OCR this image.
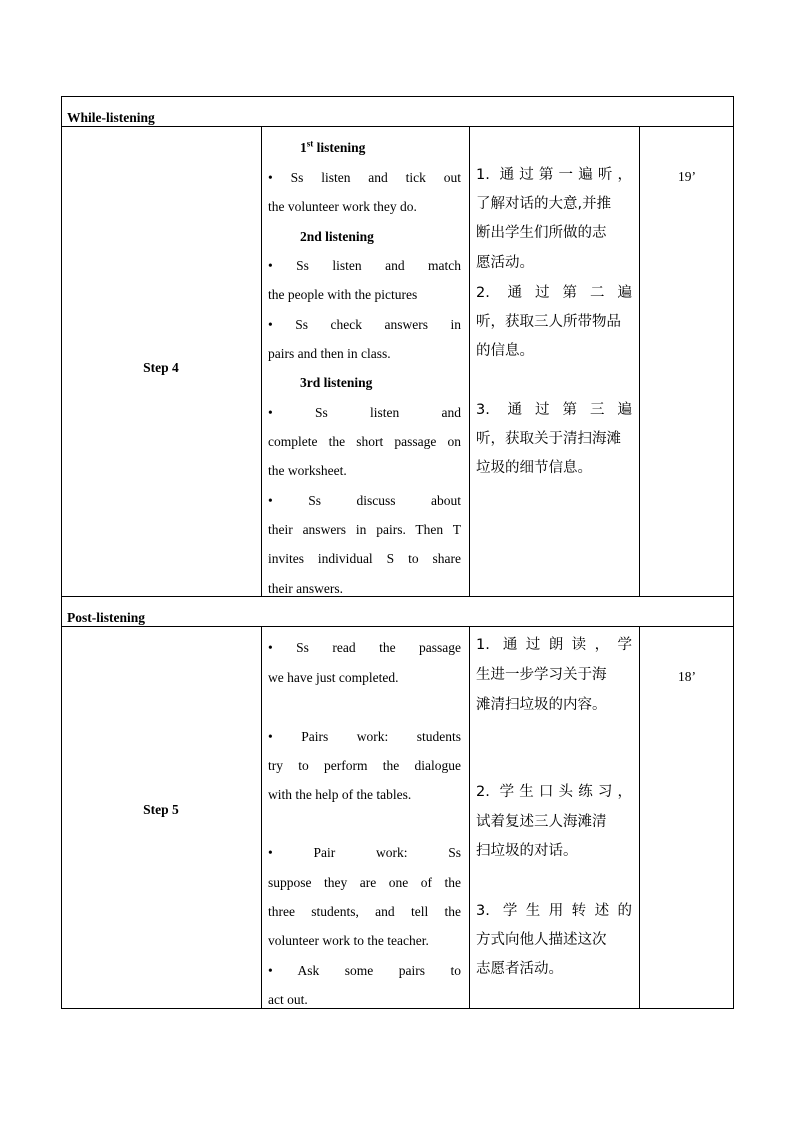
While-listening
Step 4
19’
1st listening
• Ss listen and tick out
the volunteer work they do.
2nd listening
• Ss listen and match
the people with the pictures
• Ss check answers in
pairs and then in class.
3rd listening
• Ss listen and
complete the short passage on
the worksheet.
• Ss discuss about
their answers in pairs. Then T
invites individual S to share
their answers.
1. 通过第一遍听，
了解对话的大意,并推
断出学生们所做的志
愿活动。
2. 通过第二遍
听，获取三人所带物品
的信息。
3. 通过第三遍
听，获取关于清扫海滩
垃圾的细节信息。
Post-listening
Step 5
18’
• Ss read the passage
we have just completed.
• Pairs work: students
try to perform the dialogue
with the help of the tables.
• Pair work: Ss
suppose they are one of the
three students, and tell the
volunteer work to the teacher.
• Ask some pairs to
act out.
1. 通过朗读，学
生进一步学习关于海
滩清扫垃圾的内容。
2. 学生口头练习，
试着复述三人海滩清
扫垃圾的对话。
3. 学生用转述的
方式向他人描述这次
志愿者活动。
